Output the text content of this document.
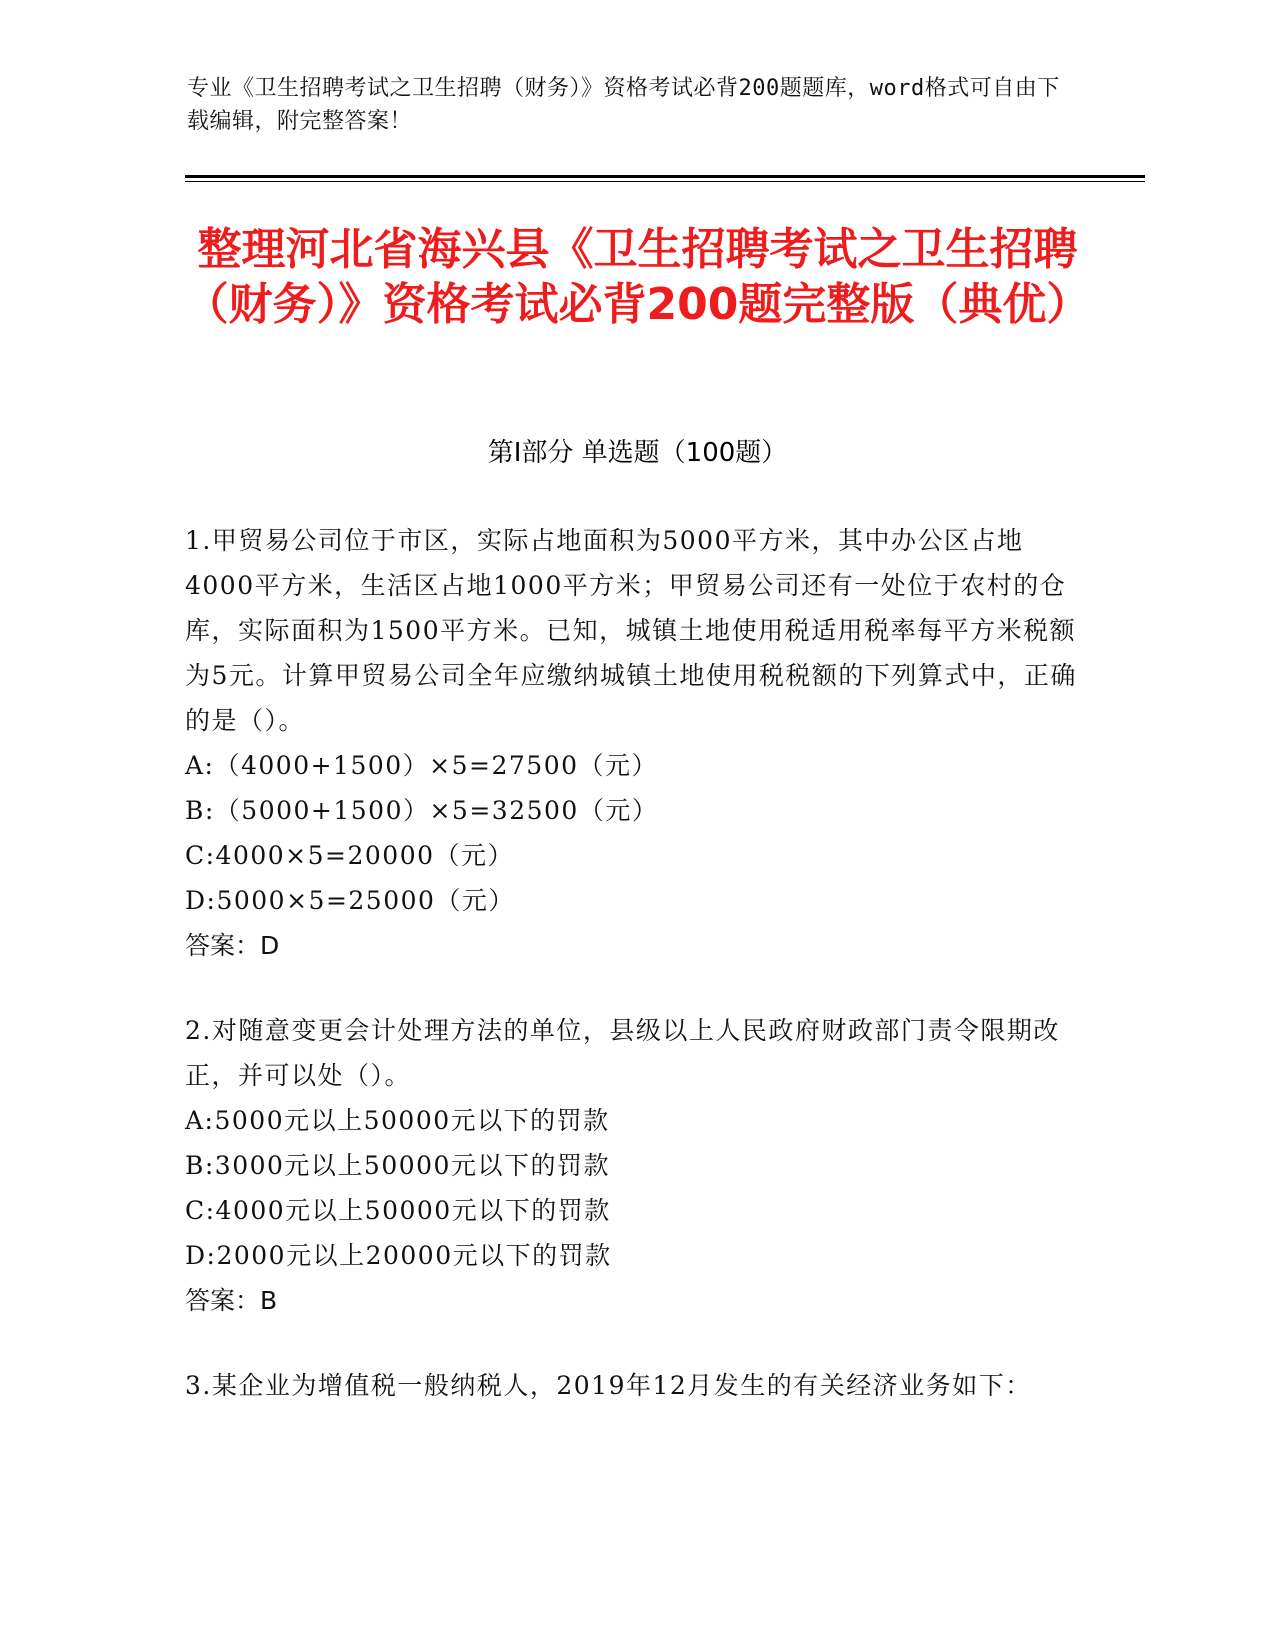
专业《卫生招聘考试之卫生招聘（财务）》资格考试必背200题题库，word格式可自由下载编辑，附完整答案！
整理河北省海兴县《卫生招聘考试之卫生招聘（财务）》资格考试必背200题完整版（典优）
第Ⅰ部分 单选题（100题）

1.甲贸易公司位于市区，实际占地面积为5000平方米，其中办公区占地4000平方米，生活区占地1000平方米；甲贸易公司还有一处位于农村的仓库，实际面积为1500平方米。已知，城镇土地使用税适用税率每平方米税额为5元。计算甲贸易公司全年应缴纳城镇土地使用税税额的下列算式中，正确的是（）。

A:（4000+1500）×5=27500（元）

B:（5000+1500）×5=32500（元）

C:4000×5=20000（元）

D:5000×5=25000（元）

答案：D

2.对随意变更会计处理方法的单位，县级以上人民政府财政部门责令限期改正，并可以处（）。

A:5000元以上50000元以下的罚款

B:3000元以上50000元以下的罚款

C:4000元以上50000元以下的罚款

D:2000元以上20000元以下的罚款

答案：B

3.某企业为增值税一般纳税人，2019年12月发生的有关经济业务如下：
